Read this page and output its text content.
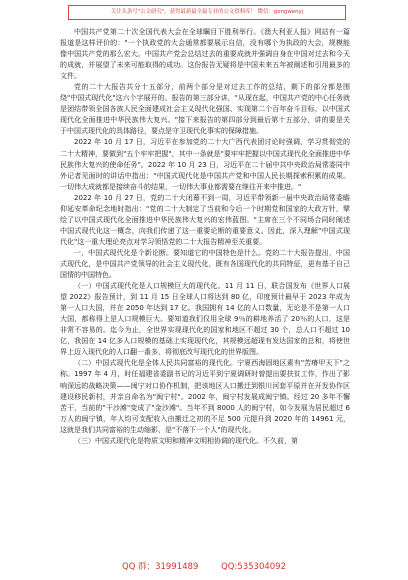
关注头条号"公文研究"，获得最新最全最专业的公文资料库！ 微信：gongwenyj

中国共产党第二十次全国代表大会在全球瞩目下胜利举行。《澳大利亚人报》网站有一篇报道是这样评价的："一个执政党的大会通常都要展示自信，没有哪个为执政的大会，规模能像中国共产党的那么宏大。中国共产党会总结过去的重要成就并强调自身在中国对过去和今天的成就，并展望了未来可能取得的成功。这份报告无疑将是中国未来五年被阐述和引用最多的文件。

党的二十大报告共分十五部分，前两个部分是对过去工作的总结，剩下的部分都是围绕"中国式现代化"这六个字展开的。报告的第三部分讲，"从现在起，中国共产党的中心任务就是团结带领全国各族人民全面建成社会主义现代化强国、实现第二个百年奋斗目标，以中国式现代化全面推进中华民族伟大复兴。"接下来报告的第四部分到最后第十五部分，讲的要是关于中国式现代化的具体路径，要点是守卫现代化事实的保障措施。

2022 年 10 月 17 日，习近平在参加党的二十大广西代表团讨论时强调，学习贯彻党的二十大精神，要做到"五个牢牢把握"，其中一条就是"要牢牢把握以中国式现代化全面推进中华民族伟大复兴的使命任务"。2022 年 10 月 23 日，习近平在二十届中共中央政治局常委同中外记者见面时的讲话中指出："中国式现代化是中国共产党和中国人民长期探索积累的成果。一切伟大成就都是接续奋斗的结果，一切伟大事业都需要在继往开来中推进。"

2022 年 10 月 27 日，党的二十大闭幕不到一周，习近平带领新一届中央政治局常委瞻仰延安革命纪念地时指出："党的二十大制定了当前和今后一个时期党和国家的大政方针，擘绘了以中国式现代化全面推进中华民族伟大复兴的宏伟蓝图。"主席在三个不同场合同时阐述中国式现代化这一概念，向我们传递了这一重要论断的重要意义。因此，深入理解"中国式现代化"这一重大理论亮点对学习领悟党的二十大报告精神至关重要。

一、中国式现代化是个新论断。要知道它的中国特色是什么。党的二十大报告提出，中国式现代化，是中国共产党领导的社会主义现代化，既有各国现代化的共同特征，更有基于自己国情的中国特色。

（一）中国式现代化是人口规模巨大的现代化。11 月 11 日，联合国发布《世界人口展望 2022》报告预计，到 11 月 15 日全球人口将达到 80 亿，印度预计最早于 2023 年成为第一人口大国，并在 2050 年达到 17 亿。我国拥有 14 亿的人口数量，无论是不是第一人口大国，都称得上是人口规模巨大。要知道我们仅用全球 9％的耕地养活了 20％的人口，这是非常不容易的。迄今为止，全世界实现现代化的国家和地区不超过 30 个，总人口不超过 10 亿，我国在 14 亿多人口规模的基础上实现现代化，其规模远超现有发达国家的总和，将使世界上迈入现代化的人口翻一番多，将彻底改写现代化的世界版图。

（二）中国式现代化是全体人民共同富裕的现代化。宁夏西海固地区素有"苦瘠甲天下"之称。1997 年 4 月，时任福建省委副书记的习近平到宁夏调研时曾提出要扶贫工作，作出了影响深远的战略决策——闽宁对口协作机制，把该地区人口搬迁到银川河套平原并在开发协作区建设移民新村，并亲自命名为"闽宁村"。2002 年，闽宁村发展成闽宁镇。经过 20 多年不懈苦干，当前的"干沙滩"变成了"金沙滩"。当年不到 8000 人的闽宁村，如今发展为居民超过 6 万人的闽宁镇，年人均可支配收入由搬迁之初的不足 500 元提升到 2020 年的 14961 元，这就是我们共同富裕的生动缩影，是"不落下一个人"的现代化。

（三）中国式现代化是物质文明和精神文明相协调的现代化。不久前，第

QQ 群：31991489	QQ:535304092
